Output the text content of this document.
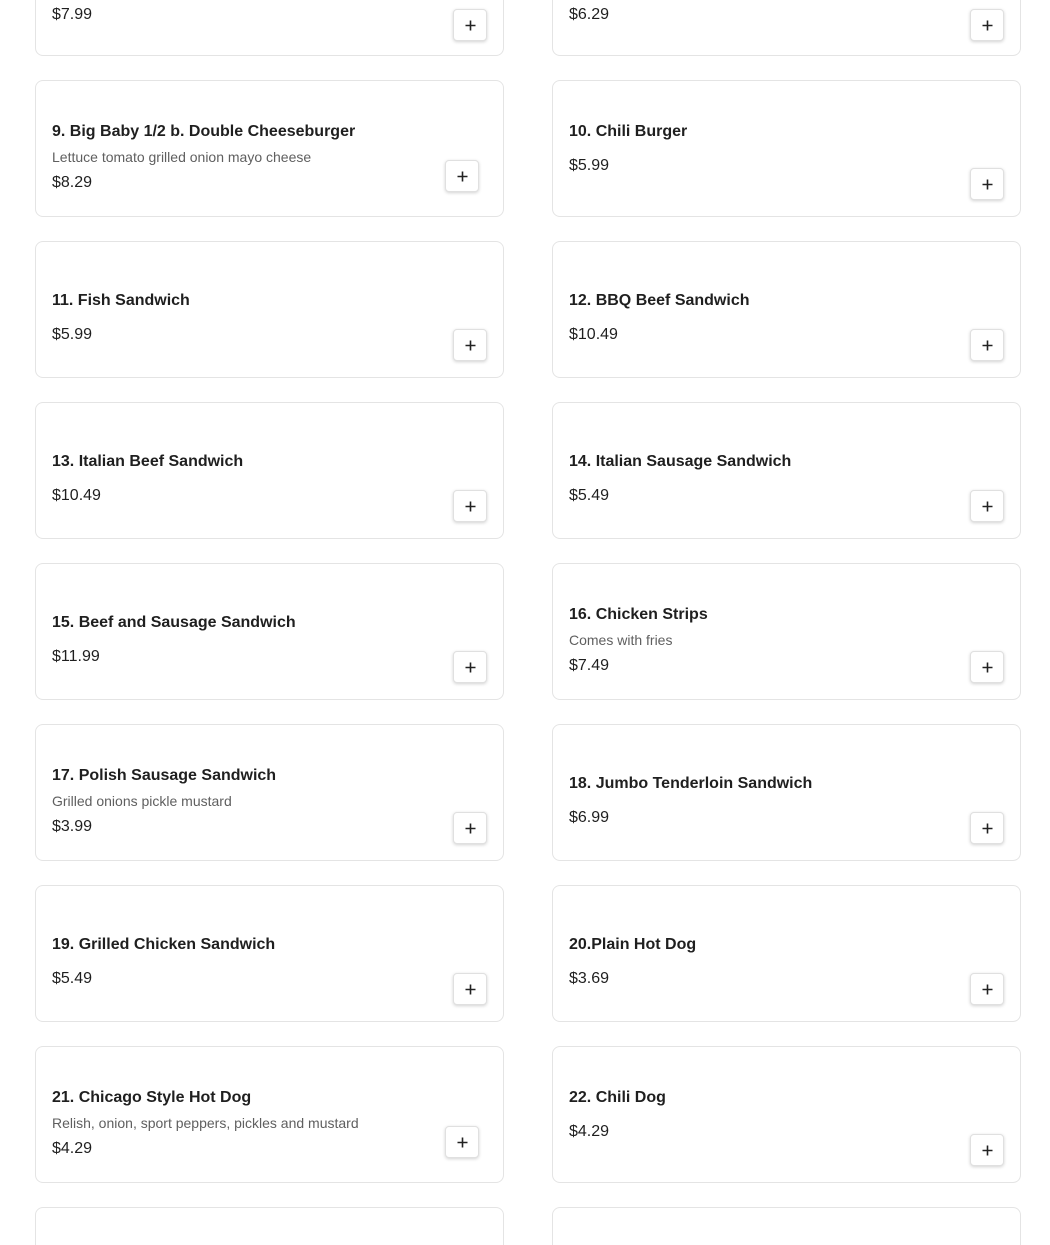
$7.99	$6.29
9. Big Baby 1/2 b. Double Cheeseburger
Lettuce tomato grilled onion mayo cheese
$8.29
10. Chili Burger
$5.99
11. Fish Sandwich
$5.99
12. BBQ Beef Sandwich
$10.49
13. Italian Beef Sandwich
$10.49
14. Italian Sausage Sandwich
$5.49
15. Beef and Sausage Sandwich
$11.99
16. Chicken Strips
Comes with fries
$7.49
17. Polish Sausage Sandwich
Grilled onions pickle mustard
$3.99
18. Jumbo Tenderloin Sandwich
$6.99
19. Grilled Chicken Sandwich
$5.49
20.Plain Hot Dog
$3.69
21. Chicago Style Hot Dog
Relish, onion, sport peppers, pickles and mustard
$4.29
22. Chili Dog
$4.29
